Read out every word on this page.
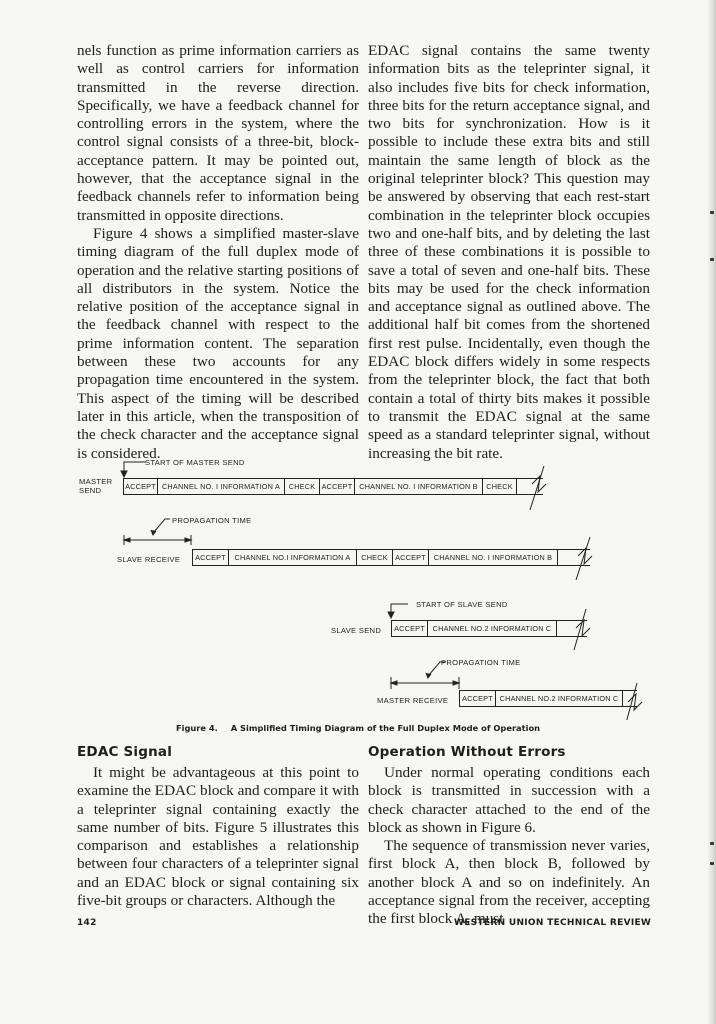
nels function as prime information carriers as well as control carriers for information transmitted in the reverse direction. Specifically, we have a feedback channel for controlling errors in the system, where the control signal consists of a three-bit, block-acceptance pattern. It may be pointed out, however, that the acceptance signal in the feedback channels refer to information being transmitted in opposite directions.

Figure 4 shows a simplified master-slave timing diagram of the full duplex mode of operation and the relative starting positions of all distributors in the system. Notice the relative position of the acceptance signal in the feedback channel with respect to the prime information content. The separation between these two accounts for any propagation time encountered in the system. This aspect of the timing will be described later in this article, when the transposition of the check character and the acceptance signal is considered.

EDAC signal contains the same twenty information bits as the teleprinter signal, it also includes five bits for check information, three bits for the return acceptance signal, and two bits for synchronization. How is it possible to include these extra bits and still maintain the same length of block as the original teleprinter block? This question may be answered by observing that each rest-start combination in the teleprinter block occupies two and one-half bits, and by deleting the last three of these combinations it is possible to save a total of seven and one-half bits. These bits may be used for the check information and acceptance signal as outlined above. The additional half bit comes from the shortened first rest pulse. Incidentally, even though the EDAC block differs widely in some respects from the teleprinter block, the fact that both contain a total of thirty bits makes it possible to transmit the EDAC signal at the same speed as a standard teleprinter signal, without increasing the bit rate.

START OF MASTER SEND
MASTER
SEND	ACCEPT CHANNEL NO. I INFORMATION A	CHECK ACCEPT CHANNEL NO. I INFORMATION B	CHECK
PROPAGATION TIME
SLAVE RECEIVE	ACCEPT	CHANNEL NO.I INFORMATION A	CHECK	ACCEPT	CHANNEL NO. I INFORMATION B
START OF SLAVE SEND
SLAVE SEND	ACCEPT	CHANNEL NO.2 INFORMATION C
PROPAGATION TIME
MASTER RECEIVE	ACCEPT CHANNEL NO.2 INFORMATION C
Figure 4. A Simplified Timing Diagram of the Full Duplex Mode of Operation
EDAC Signal	Operation Without Errors

It might be advantageous at this point to examine the EDAC block and compare it with a teleprinter signal containing exactly the same number of bits. Figure 5 illustrates this comparison and establishes a relationship between four characters of a teleprinter signal and an EDAC block or signal containing six five-bit groups or characters. Although the

Under normal operating conditions each block is transmitted in succession with a check character attached to the end of the block as shown in Figure 6.

The sequence of transmission never varies, first block A, then block B, followed by another block A and so on indefinitely. An acceptance signal from the receiver, accepting the first block A, must

142	WESTERN UNION TECHNICAL REVIEW
